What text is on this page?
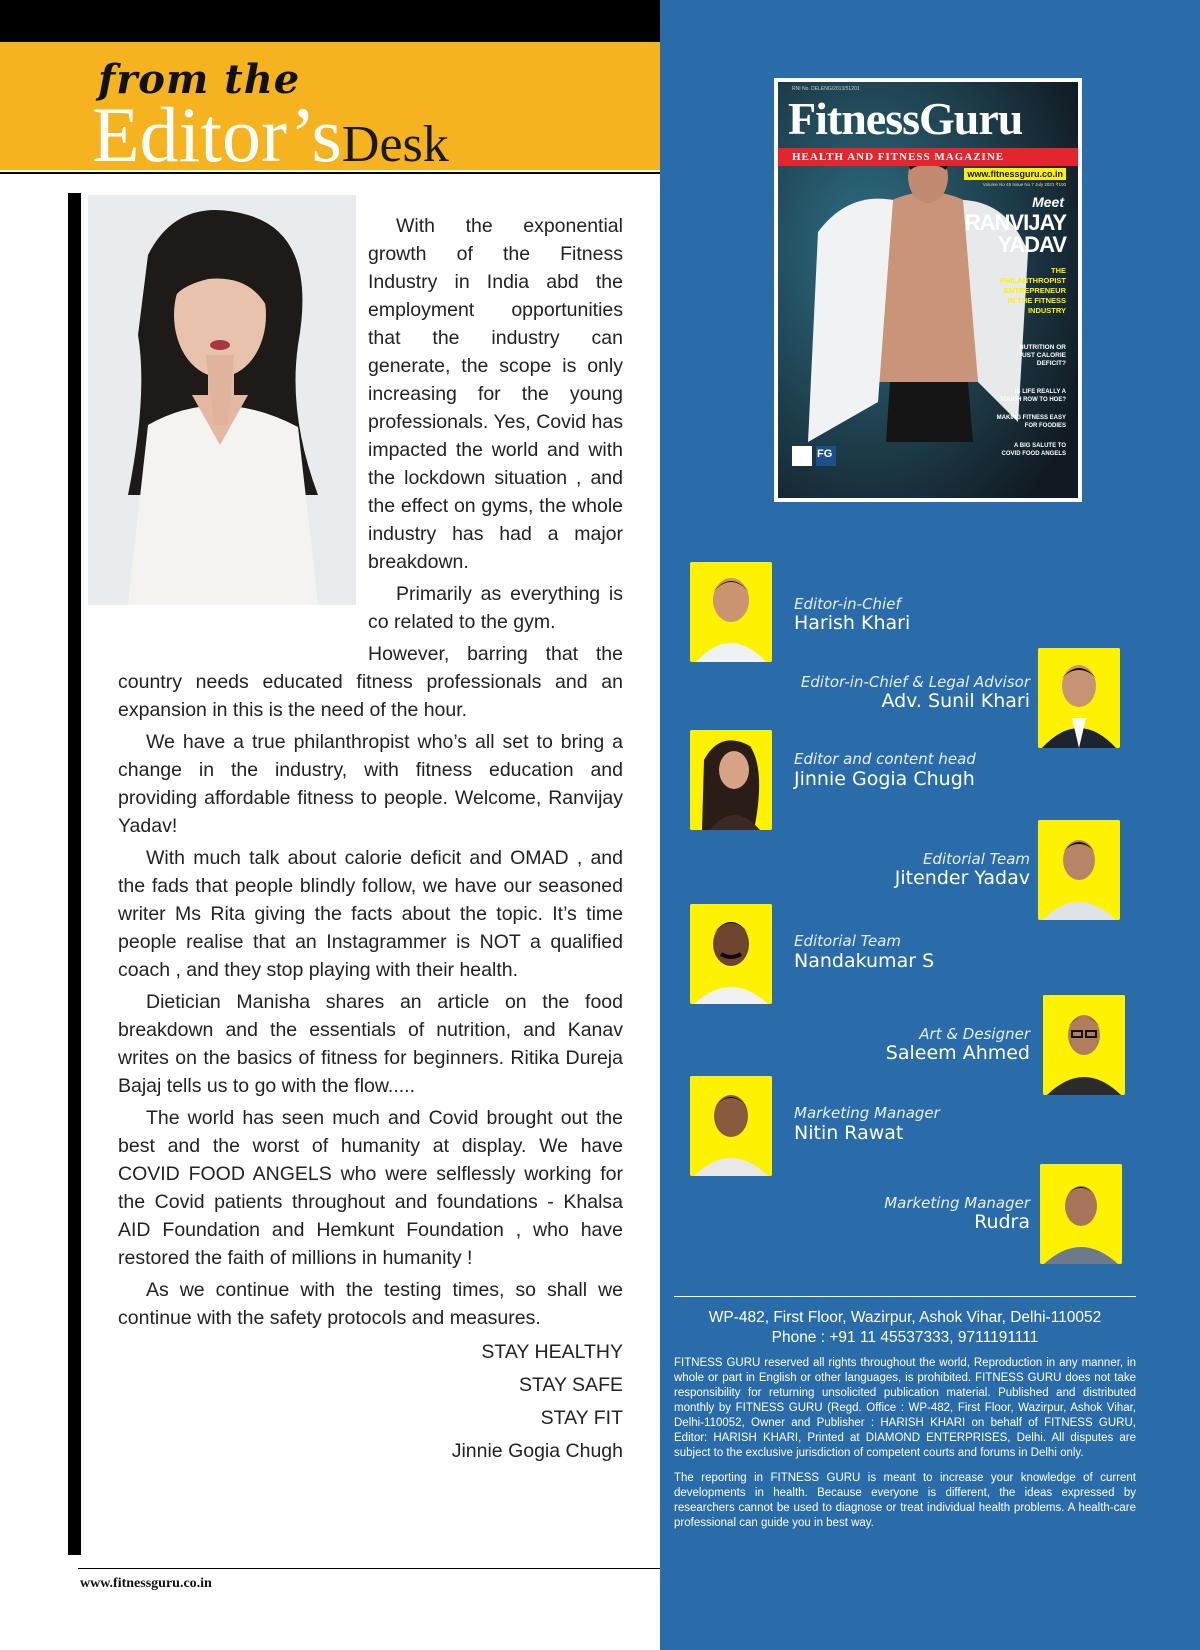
from the
Editor’sDesk

With the exponential growth of the Fitness Industry in India abd the employment opportunities that the industry can generate, the scope is only increasing for the young professionals. Yes, Covid has impacted the world and with the lockdown situation , and the effect on gyms, the whole industry has had a major breakdown.

Primarily as everything is co related to the gym.

However, barring that the country needs educated fitness professionals and an expansion in this is the need of the hour.

We have a true philanthropist who’s all set to bring a change in the industry, with fitness education and providing affordable fitness to people. Welcome, Ranvijay Yadav!

With much talk about calorie deficit and OMAD , and the fads that people blindly follow, we have our seasoned writer Ms Rita giving the facts about the topic. It’s time people realise that an Instagrammer is NOT a qualified coach , and they stop playing with their health.

Dietician Manisha shares an article on the food breakdown and the essentials of nutrition, and Kanav writes on the basics of fitness for beginners. Ritika Dureja Bajaj tells us to go with the flow.....

The world has seen much and Covid brought out the best and the worst of humanity at display. We have COVID FOOD ANGELS who were selflessly working for the Covid patients throughout and foundations - Khalsa AID Foundation and Hemkunt Foundation , who have restored the faith of millions in humanity !

As we continue with the testing times, so shall we continue with the safety protocols and measures.

STAY HEALTHY
STAY SAFE
STAY FIT
Jinnie Gogia Chugh
www.fitnessguru.co.in
RNI No. DELENG/2013/51201
FitnessGuru
HEALTH AND FITNESS MAGAZINE
www.fitnessguru.co.in
Volume No 45 Issue No 7 July 2021 ₹100
Meet
RANVIJAY
YADAV
THE PHILANTHROPIST ENTREPRENEUR IN THE FITNESS INDUSTRY
NUTRITION OR JUST CALORIE DEFICIT?
IS LIFE REALLY A TOUGH ROW TO HOE?
MAKING FITNESS EASY FOR FOODIES
A BIG SALUTE TO COVID FOOD ANGELS
FG
Editor-in-Chief
Harish Khari
Editor-in-Chief & Legal Advisor
Adv. Sunil Khari
Editor and content head
Jinnie Gogia Chugh
Editorial Team
Jitender Yadav
Editorial Team
Nandakumar S
Art & Designer
Saleem Ahmed
Marketing Manager
Nitin Rawat
Marketing Manager
Rudra
WP-482, First Floor, Wazirpur, Ashok Vihar, Delhi-110052
Phone : +91 11 45537333, 9711191111

FITNESS GURU reserved all rights throughout the world, Reproduction in any manner, in whole or part in English or other languages, is prohibited. FITNESS GURU does not take responsibility for returning unsolicited publication material. Published and distributed monthly by FITNESS GURU (Regd. Office : WP-482, First Floor, Wazirpur, Ashok Vihar, Delhi-110052, Owner and Publisher : HARISH KHARI on behalf of FITNESS GURU, Editor: HARISH KHARI, Printed at DIAMOND ENTERPRISES, Delhi. All disputes are subject to the exclusive jurisdiction of competent courts and forums in Delhi only.

The reporting in FITNESS GURU is meant to increase your knowledge of current developments in health. Because everyone is different, the ideas expressed by researchers cannot be used to diagnose or treat individual health problems. A health-care professional can guide you in best way.
